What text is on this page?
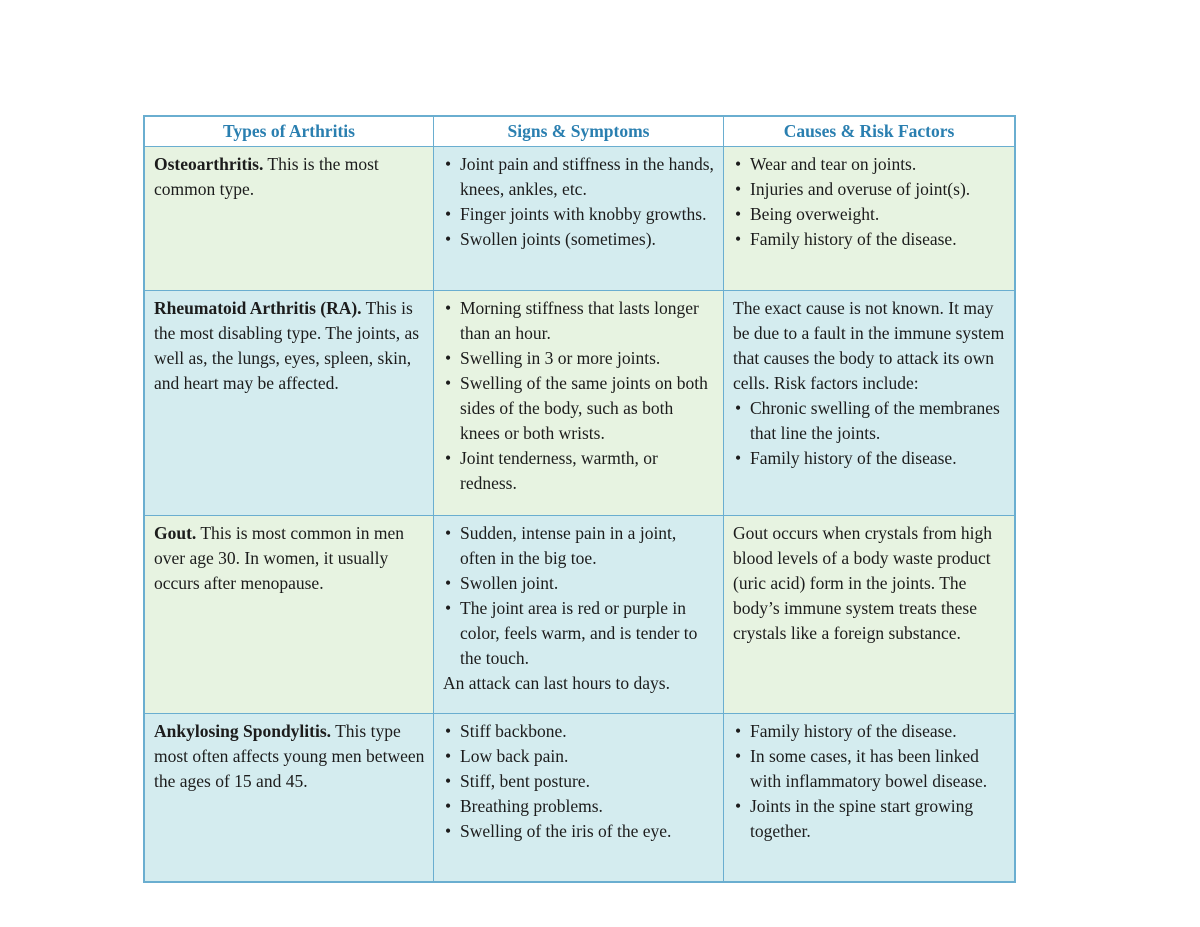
Types of Arthritis	Signs & Symptoms	Causes & Risk Factors
Osteoarthritis. This is the most common type.
• Joint pain and stiffness in the hands, knees, ankles, etc.
• Finger joints with knobby growths.
• Swollen joints (sometimes).
• Wear and tear on joints.
• Injuries and overuse of joint(s).
• Being overweight.
• Family history of the disease.
Rheumatoid Arthritis (RA). This is the most disabling type. The joints, as well as, the lungs, eyes, spleen, skin, and heart may be affected.
• Morning stiffness that lasts longer than an hour.
• Swelling in 3 or more joints.
• Swelling of the same joints on both sides of the body, such as both knees or both wrists.
• Joint tenderness, warmth, or redness.

The exact cause is not known. It may be due to a fault in the immune system that causes the body to attack its own cells. Risk factors include:

• Chronic swelling of the membranes that line the joints.
• Family history of the disease.
Gout. This is most common in men over age 30. In women, it usually occurs after menopause.
• Sudden, intense pain in a joint, often in the big toe.
• Swollen joint.
• The joint area is red or purple in color, feels warm, and is tender to the touch.

An attack can last hours to days.

Gout occurs when crystals from high blood levels of a body waste product (uric acid) form in the joints. The body’s immune system treats these crystals like a foreign substance.

Ankylosing Spondylitis. This type most often affects young men between the ages of 15 and 45.
• Stiff backbone.
• Low back pain.
• Stiff, bent posture.
• Breathing problems.
• Swelling of the iris of the eye.
• Family history of the disease.
• In some cases, it has been linked with inflammatory bowel disease.
• Joints in the spine start growing together.
